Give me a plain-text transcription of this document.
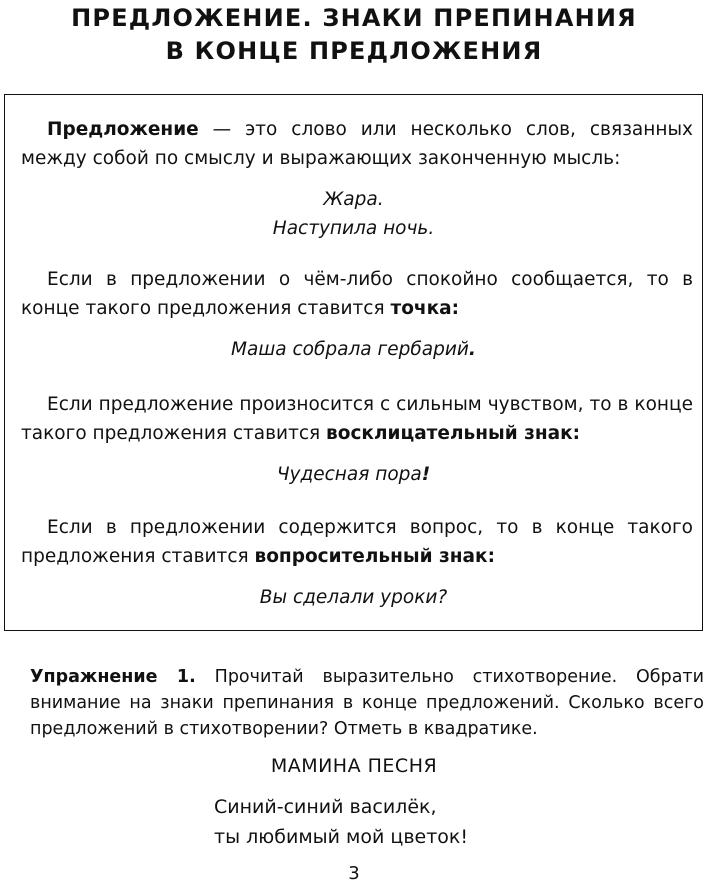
ПРЕДЛОЖЕНИЕ. ЗНАКИ ПРЕПИНАНИЯ
В КОНЦЕ ПРЕДЛОЖЕНИЯ

Предложение — это слово или несколько слов, связанных между собой по смыслу и выражающих законченную мысль:

Жара.
Наступила ночь.

Если в предложении о чём-либо спокойно сообщается, то в конце такого предложения ставится точка:

Маша собрала гербарий.

Если предложение произносится с сильным чувством, то в конце такого предложения ставится восклицательный знак:

Чудесная пора!

Если в предложении содержится вопрос, то в конце такого предложения ставится вопросительный знак:

Вы сделали уроки?

Упражнение 1. Прочитай выразительно стихотворение. Обрати внимание на знаки препинания в конце предложений. Сколько всего предложений в стихотворении? Отметь в квадратике.

МАМИНА ПЕСНЯ
Синий-синий василёк,
ты любимый мой цветок!
3
